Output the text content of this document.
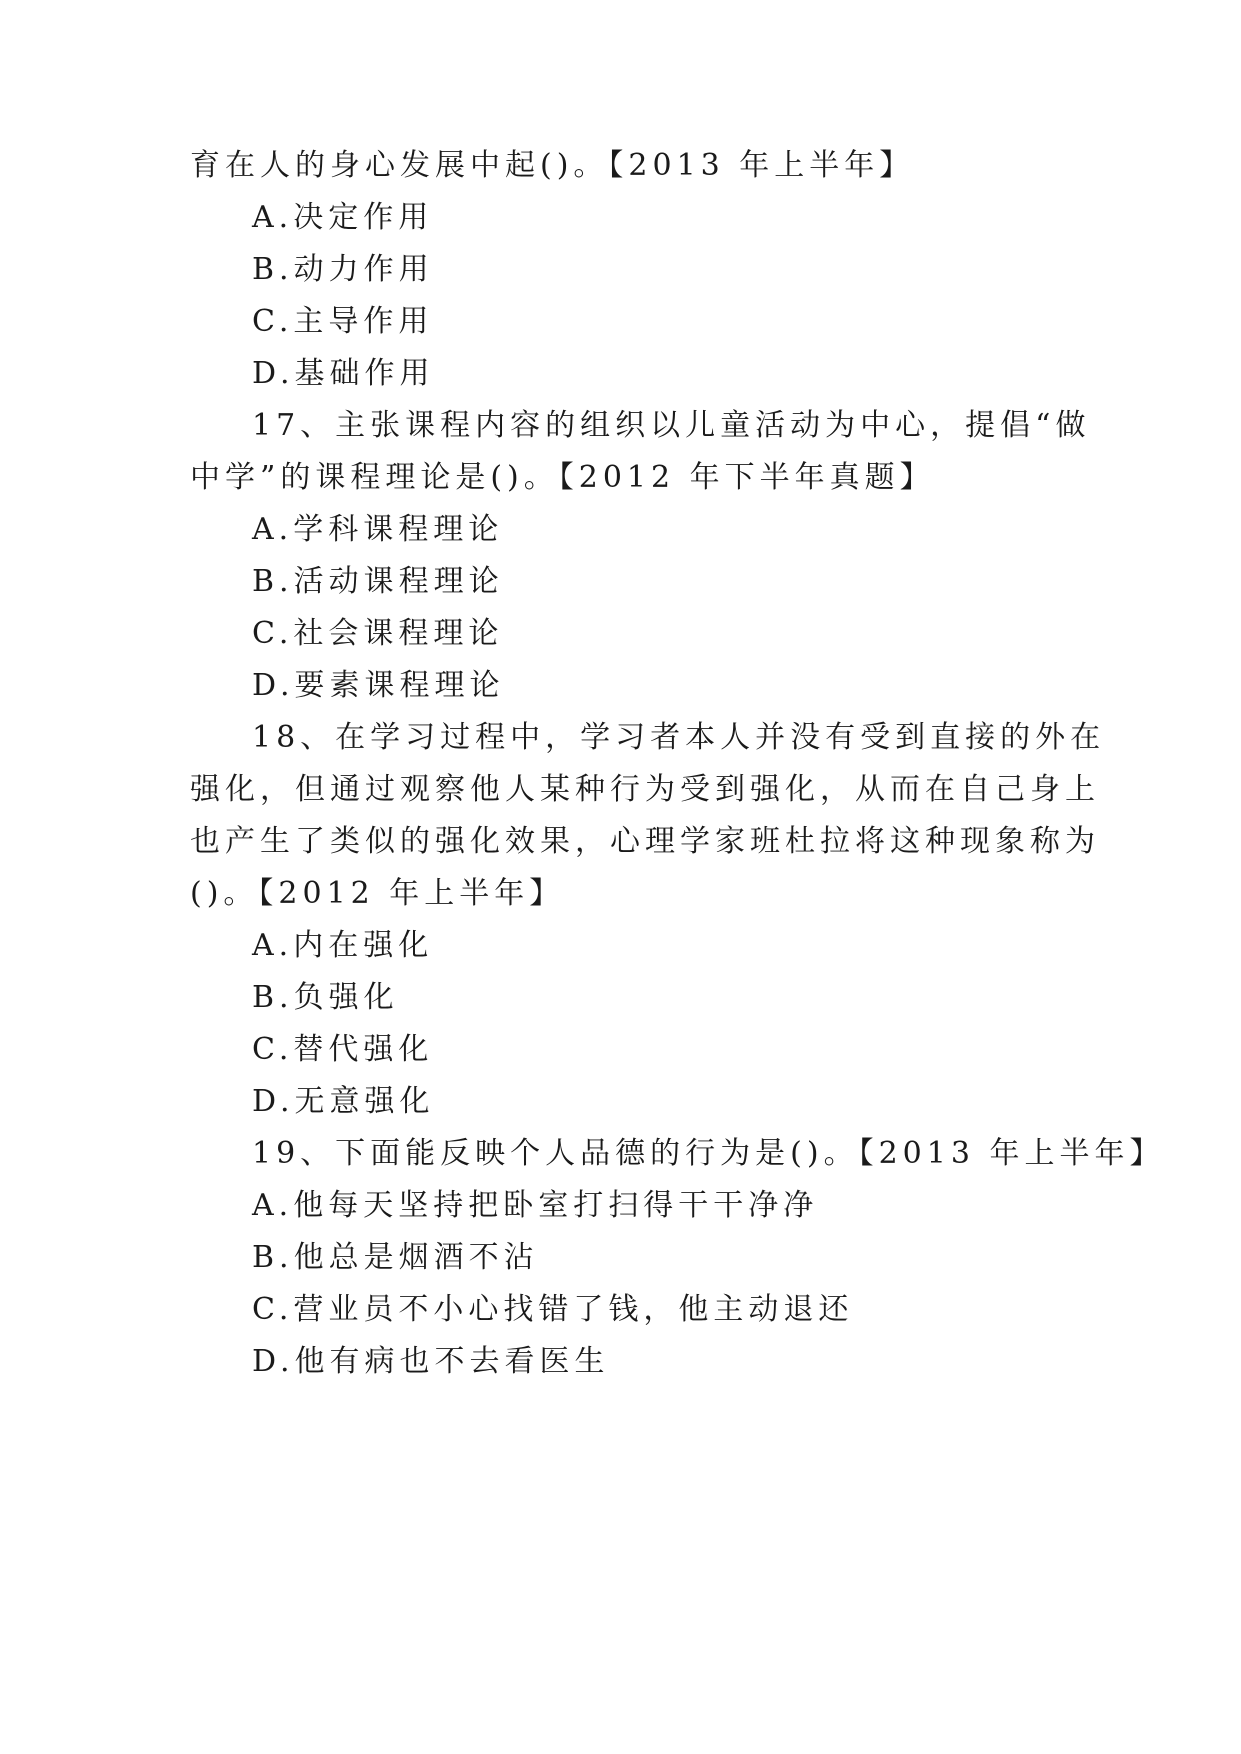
育在人的身心发展中起()。【2013 年上半年】
A.决定作用
B.动力作用
C.主导作用
D.基础作用
17、主张课程内容的组织以儿童活动为中心，提倡“做
中学”的课程理论是()。【2012 年下半年真题】
A.学科课程理论
B.活动课程理论
C.社会课程理论
D.要素课程理论
18、在学习过程中，学习者本人并没有受到直接的外在
强化，但通过观察他人某种行为受到强化，从而在自己身上
也产生了类似的强化效果，心理学家班杜拉将这种现象称为
()。【2012 年上半年】
A.内在强化
B.负强化
C.替代强化
D.无意强化
19、下面能反映个人品德的行为是()。【2013 年上半年】
A.他每天坚持把卧室打扫得干干净净
B.他总是烟酒不沾
C.营业员不小心找错了钱，他主动退还
D.他有病也不去看医生
